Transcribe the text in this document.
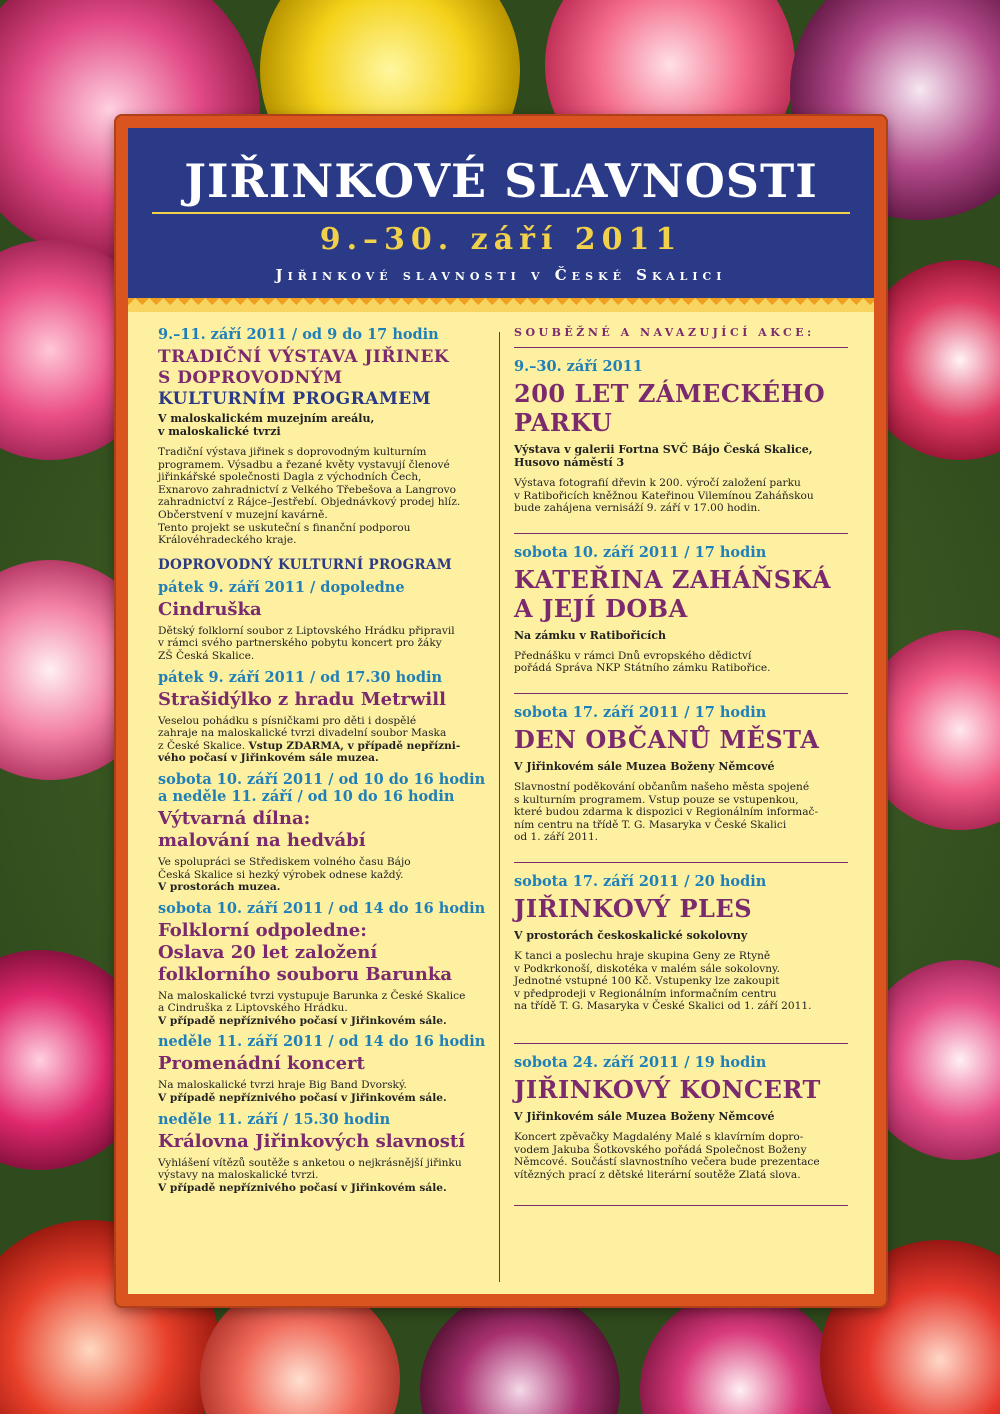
JIŘINKOVÉ SLAVNOSTI
9.–30. září 2011
Jiřinkové slavnosti v České Skalici
9.–11. září 2011 / od 9 do 17 hodin
TRADIČNÍ VÝSTAVA JIŘINEK
S DOPROVODNÝM
KULTURNÍM PROGRAMEM
V maloskalickém muzejním areálu,
v maloskalické tvrzi
Tradiční výstava jiřinek s doprovodným kulturním
programem. Výsadbu a řezané květy vystavují členové
jiřinkářské společnosti Dagla z východních Čech,
Exnarovo zahradnictví z Velkého Třebešova a Langrovo
zahradnictví z Rájce–Jestřebí. Objednávkový prodej hlíz.
Občerstvení v muzejní kavárně.
Tento projekt se uskuteční s finanční podporou
Královéhradeckého kraje.
DOPROVODNÝ KULTURNÍ PROGRAM
pátek 9. září 2011 / dopoledne
Cindruška
Dětský folklorní soubor z Liptovského Hrádku připravil
v rámci svého partnerského pobytu koncert pro žáky
ZŠ Česká Skalice.
pátek 9. září 2011 / od 17.30 hodin
Strašidýlko z hradu Metrwill
Veselou pohádku s písničkami pro děti i dospělé
zahraje na maloskalické tvrzi divadelní soubor Maska
z České Skalice. Vstup ZDARMA, v případě nepřízni-
vého počasí v Jiřinkovém sále muzea.
sobota 10. září 2011 / od 10 do 16 hodin
a neděle 11. září / od 10 do 16 hodin
Výtvarná dílna:
malování na hedvábí
Ve spolupráci se Střediskem volného času Bájo
Česká Skalice si hezký výrobek odnese každý.
V prostorách muzea.
sobota 10. září 2011 / od 14 do 16 hodin
Folklorní odpoledne:
Oslava 20 let založení
folklorního souboru Barunka
Na maloskalické tvrzi vystupuje Barunka z České Skalice
a Cindruška z Liptovského Hrádku.
V případě nepříznivého počasí v Jiřinkovém sále.
neděle 11. září 2011 / od 14 do 16 hodin
Promenádní koncert
Na maloskalické tvrzi hraje Big Band Dvorský.
V případě nepříznivého počasí v Jiřinkovém sále.
neděle 11. září / 15.30 hodin
Královna Jiřinkových slavností
Vyhlášení vítězů soutěže s anketou o nejkrásnější jiřinku
výstavy na maloskalické tvrzi.
V případě nepříznivého počasí v Jiřinkovém sále.
SOUBĚŽNÉ A NAVAZUJÍCÍ AKCE:
9.–30. září 2011
200 LET ZÁMECKÉHO
PARKU
Výstava v galerii Fortna SVČ Bájo Česká Skalice,
Husovo náměstí 3
Výstava fotografií dřevin k 200. výročí založení parku
v Ratibořicích kněžnou Kateřinou Vilemínou Zaháňskou
bude zahájena vernisáží 9. září v 17.00 hodin.
sobota 10. září 2011 / 17 hodin
KATEŘINA ZAHÁŇSKÁ
A JEJÍ DOBA
Na zámku v Ratibořicích
Přednášku v rámci Dnů evropského dědictví
pořádá Správa NKP Státního zámku Ratibořice.
sobota 17. září 2011 / 17 hodin
DEN OBČANŮ MĚSTA
V Jiřinkovém sále Muzea Boženy Němcové
Slavnostní poděkování občanům našeho města spojené
s kulturním programem. Vstup pouze se vstupenkou,
které budou zdarma k dispozici v Regionálním informač-
ním centru na třídě T. G. Masaryka v České Skalici
od 1. září 2011.
sobota 17. září 2011 / 20 hodin
JIŘINKOVÝ PLES
V prostorách českoskalické sokolovny
K tanci a poslechu hraje skupina Geny ze Rtyně
v Podkrkonoší, diskotéka v malém sále sokolovny.
Jednotné vstupné 100 Kč. Vstupenky lze zakoupit
v předprodeji v Regionálním informačním centru
na třídě T. G. Masaryka v České Skalici od 1. září 2011.
sobota 24. září 2011 / 19 hodin
JIŘINKOVÝ KONCERT
V Jiřinkovém sále Muzea Boženy Němcové
Koncert zpěvačky Magdalény Malé s klavírním dopro-
vodem Jakuba Šotkovského pořádá Společnost Boženy
Němcové. Součástí slavnostního večera bude prezentace
vítězných prací z dětské literární soutěže Zlatá slova.
